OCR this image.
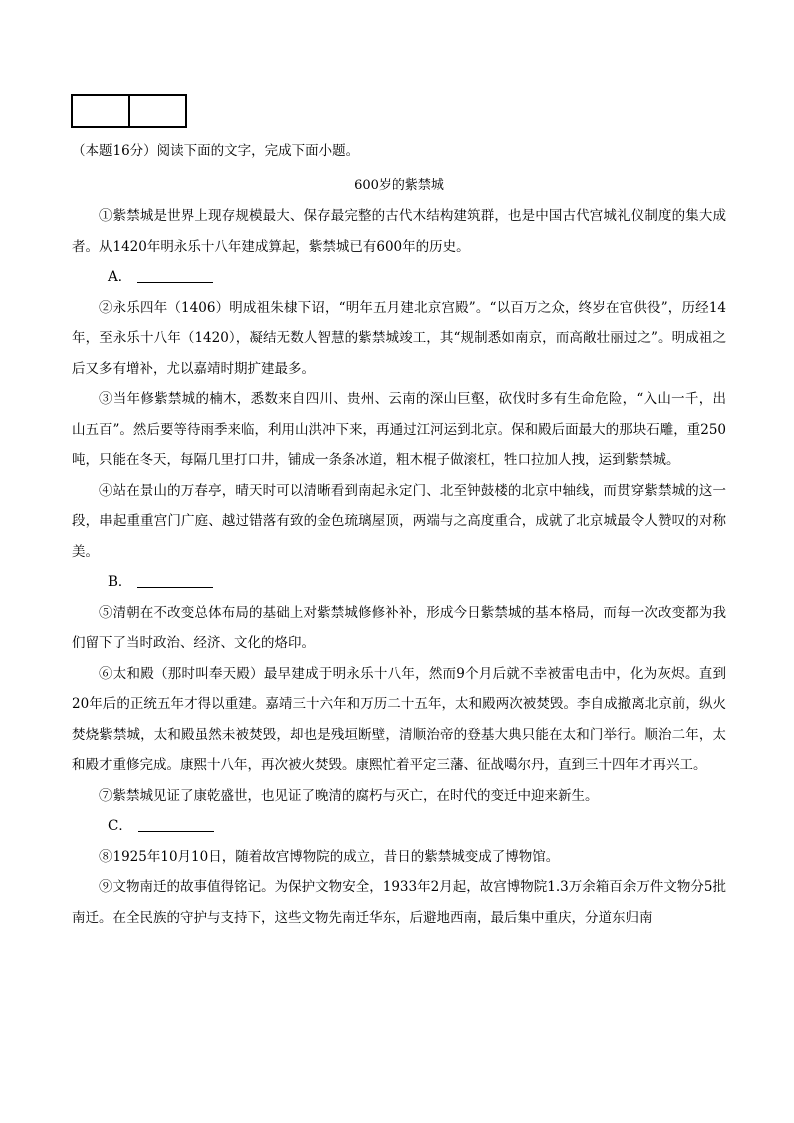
（本题16分）阅读下面的文字，完成下面小题。

600岁的紫禁城

①紫禁城是世界上现存规模最大、保存最完整的古代木结构建筑群，也是中国古代宫城礼仪制度的集大成者。从1420年明永乐十八年建成算起，紫禁城已有600年的历史。

A．

②永乐四年（1406）明成祖朱棣下诏，“明年五月建北京宫殿”。“以百万之众，终岁在官供役”，历经14年，至永乐十八年（1420），凝结无数人智慧的紫禁城竣工，其“规制悉如南京，而高敞壮丽过之”。明成祖之后又多有增补，尤以嘉靖时期扩建最多。

③当年修紫禁城的楠木，悉数来自四川、贵州、云南的深山巨壑，砍伐时多有生命危险，“入山一千，出山五百”。然后要等待雨季来临，利用山洪冲下来，再通过江河运到北京。保和殿后面最大的那块石雕，重250吨，只能在冬天，每隔几里打口井，铺成一条条冰道，粗木棍子做滚杠，牲口拉加人拽，运到紫禁城。

④站在景山的万春亭，晴天时可以清晰看到南起永定门、北至钟鼓楼的北京中轴线，而贯穿紫禁城的这一段，串起重重宫门广庭、越过错落有致的金色琉璃屋顶，两端与之高度重合，成就了北京城最令人赞叹的对称美。

B．

⑤清朝在不改变总体布局的基础上对紫禁城修修补补，形成今日紫禁城的基本格局，而每一次改变都为我们留下了当时政治、经济、文化的烙印。

⑥太和殿（那时叫奉天殿）最早建成于明永乐十八年，然而9个月后就不幸被雷电击中，化为灰烬。直到20年后的正统五年才得以重建。嘉靖三十六年和万历二十五年，太和殿两次被焚毁。李自成撤离北京前，纵火焚烧紫禁城，太和殿虽然未被焚毁，却也是残垣断壁，清顺治帝的登基大典只能在太和门举行。顺治二年，太和殿才重修完成。康熙十八年，再次被火焚毁。康熙忙着平定三藩、征战噶尔丹，直到三十四年才再兴工。

⑦紫禁城见证了康乾盛世，也见证了晚清的腐朽与灭亡，在时代的变迁中迎来新生。

C．

⑧1925年10月10日，随着故宫博物院的成立，昔日的紫禁城变成了博物馆。

⑨文物南迁的故事值得铭记。为保护文物安全，1933年2月起，故宫博物院1.3万余箱百余万件文物分5批南迁。在全民族的守护与支持下，这些文物先南迁华东，后避地西南，最后集中重庆，分道东归南
